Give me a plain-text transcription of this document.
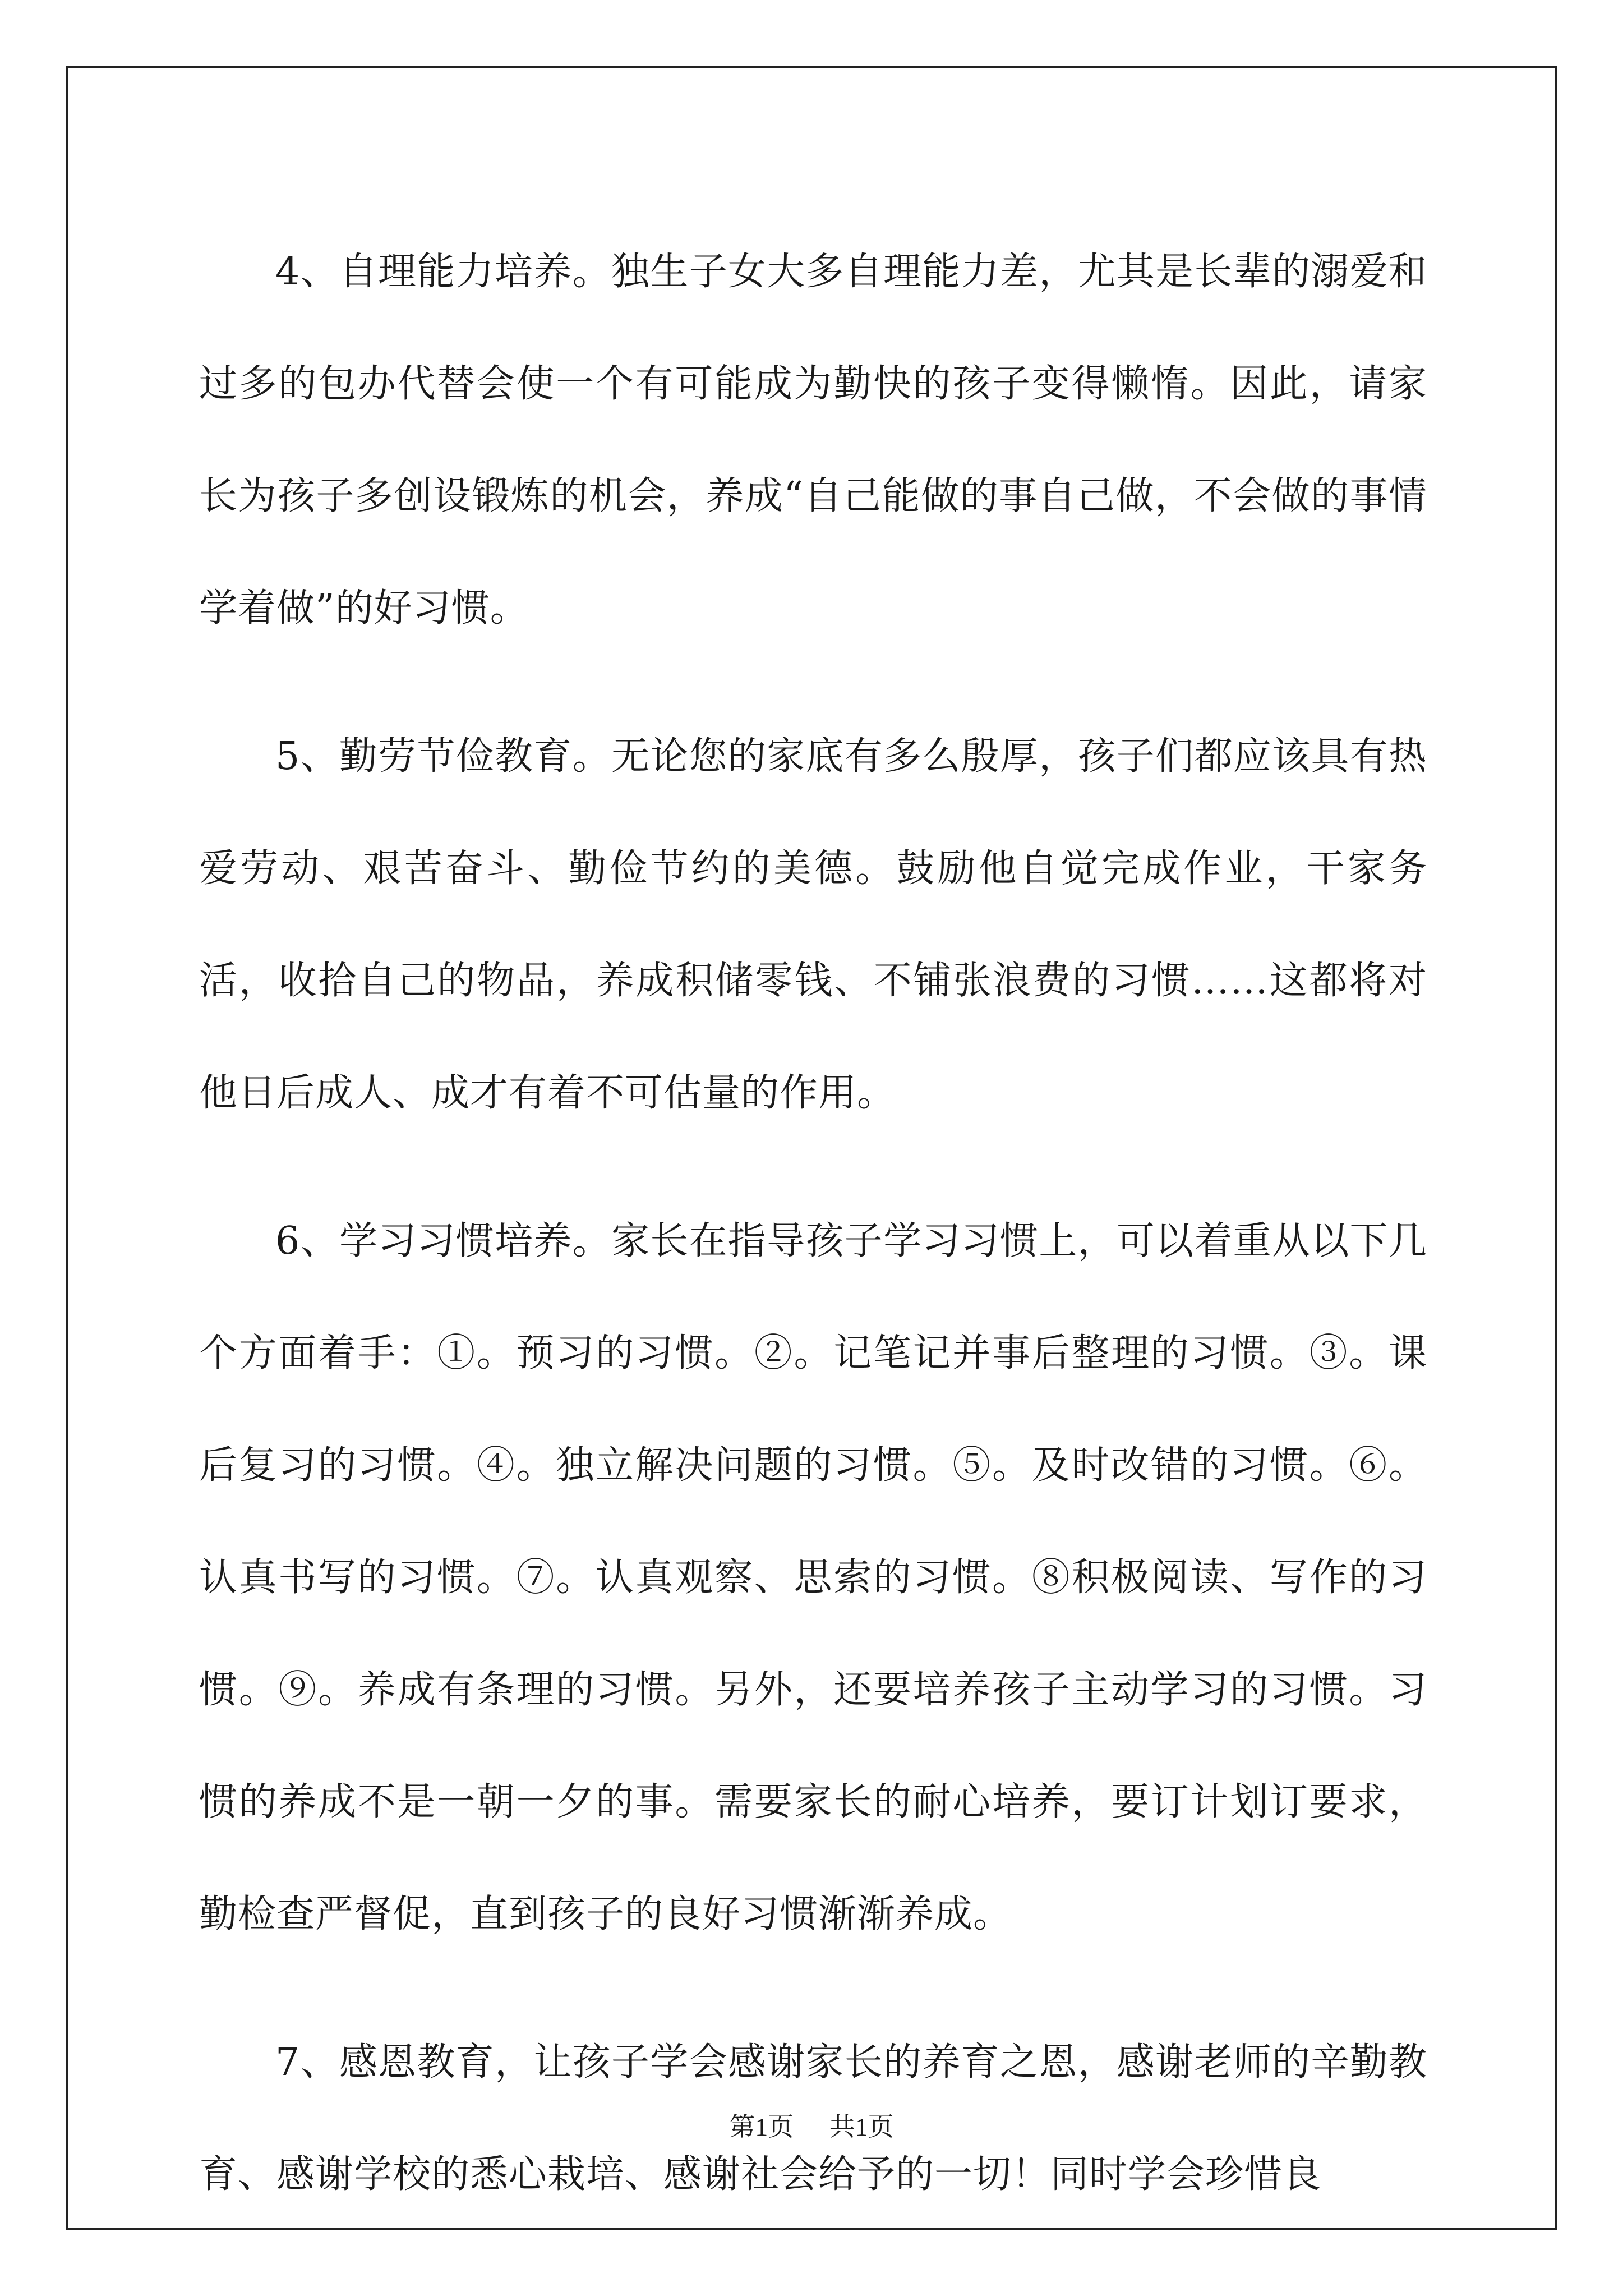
4、自理能力培养。独生子女大多自理能力差，尤其是长辈的溺爱和过多的包办代替会使一个有可能成为勤快的孩子变得懒惰。因此，请家长为孩子多创设锻炼的机会，养成“自己能做的事自己做，不会做的事情学着做”的好习惯。

5、勤劳节俭教育。无论您的家底有多么殷厚，孩子们都应该具有热爱劳动、艰苦奋斗、勤俭节约的美德。鼓励他自觉完成作业，干家务活，收拾自己的物品，养成积储零钱、不铺张浪费的习惯……这都将对他日后成人、成才有着不可估量的作用。

6、学习习惯培养。家长在指导孩子学习习惯上，可以着重从以下几个方面着手：①。预习的习惯。②。记笔记并事后整理的习惯。③。课后复习的习惯。④。独立解决问题的习惯。⑤。及时改错的习惯。⑥。认真书写的习惯。⑦。认真观察、思索的习惯。⑧积极阅读、写作的习惯。⑨。养成有条理的习惯。另外，还要培养孩子主动学习的习惯。习惯的养成不是一朝一夕的事。需要家长的耐心培养，要订计划订要求，勤检查严督促，直到孩子的良好习惯渐渐养成。

7、感恩教育，让孩子学会感谢家长的养育之恩，感谢老师的辛勤教育、感谢学校的悉心栽培、感谢社会给予的一切！同时学会珍惜良

第1页 共1页
